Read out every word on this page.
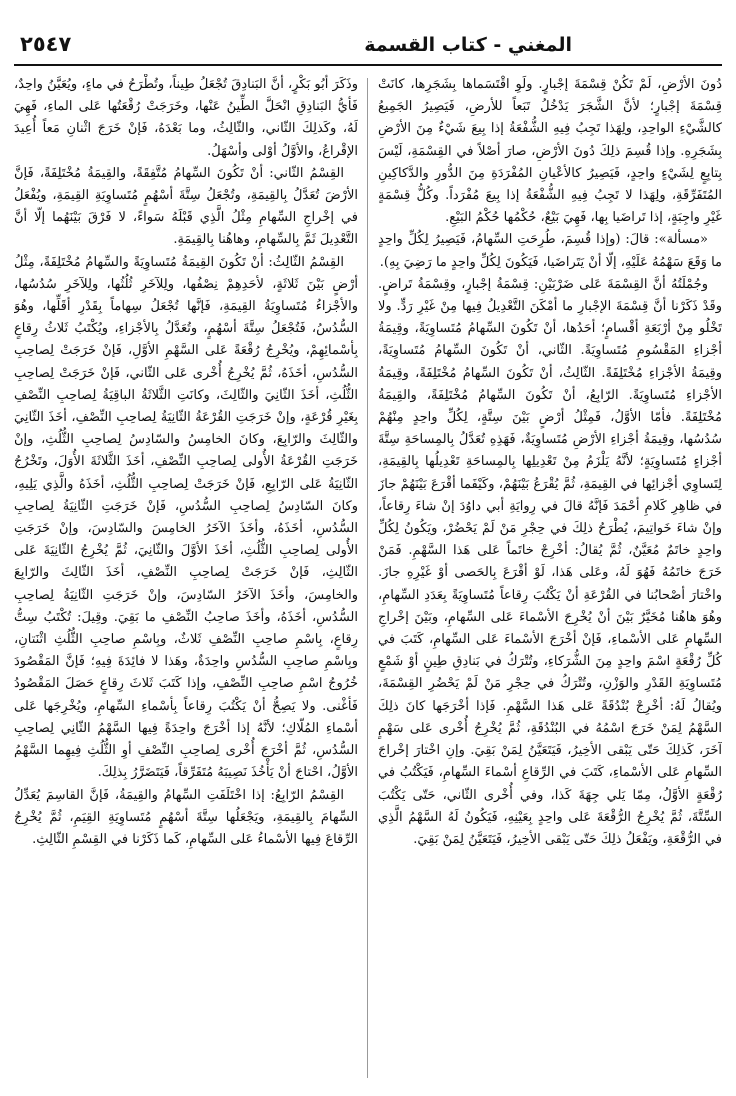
المغني - كتاب القسمة
٢٥٤٧

دُونَ الأرْضِ، لَمْ تَكُنْ قِسْمَةَ إجْبارٍ. ولَوِ اقْتَسَماها بِشَجَرِها، كانَتْ قِسْمَةَ إجْبارٍ؛ لأنَّ الشَّجَرَ يَدْخُلُ تَبَعاً للأرضِ، فَيَصِيرُ الجَمِيعُ كالشَّيْءِ الواحِدِ، ولِهَذا تَجِبُ فِيهِ الشُّفْعَةُ إذا بِيعَ شَيْءٌ مِنَ الأرْضِ بِشَجَرِهِ. وإذا قُسِمَ ذلِكَ دُونَ الأرْضِ، صارَ أصْلاً في القِسْمَةِ، لَيْسَ بِتابِعٍ لِشَيْءٍ واحِدٍ، فَيَصِيرُ كالأعْيانِ المُفْرَدَةِ مِنَ الدُّورِ والدَّكاكِينِ المُتَفَرِّقَةِ، ولِهَذا لا تَجِبُ فِيهِ الشُّفْعَةُ إذا بِيعَ مُفْرَداً. وكُلُّ قِسْمَةٍ غَيْرِ واجِبَةٍ، إذا تَراضَيا بِها، فَهِيَ بَيْعٌ، حُكْمُها حُكْمُ البَيْعِ.

«مسألة»: قالَ: (وإذا قُسِمَ، طُرِحَتِ السِّهامُ، فَيَصِيرُ لِكُلِّ واحِدٍ ما وَقَعَ سَهْمُهُ عَلَيْهِ، إلّا أنْ يَتَراضَيا، فَيَكُونَ لِكُلِّ واحِدٍ ما رَضِيَ بِهِ).

وجُمْلَتُهُ أنَّ القِسْمَةَ عَلى ضَرْبَيْنِ: قِسْمَةُ إجْبارٍ، وقِسْمَةُ تَراضٍ. وقَدْ ذَكَرْنا أنَّ قِسْمَةَ الإجْبارِ ما أمْكَنَ التَّعْدِيلُ فِيها مِنْ غَيْرِ رَدٍّ. ولا تَخْلُو مِنْ أرْبَعَةِ أقْسامٍ؛ أحَدُها، أنْ تَكُونَ السِّهامُ مُتَساوِيَةً، وقِيمَةُ أجْزاءِ المَقْسُومِ مُتَساوِيَةً. الثّاني، أنْ تَكُونَ السِّهامُ مُتَساوِيَةً، وقِيمَةُ الأجْزاءِ مُخْتَلِفَةً. الثّالِثُ، أنْ تَكُونَ السِّهامُ مُخْتَلِفَةً، وقِيمَةُ الأجْزاءِ مُتَساوِيَةً. الرّابِعُ، أنْ تَكُونَ السِّهامُ مُخْتَلِفَةً، والقِيمَةُ مُخْتَلِفَةً. فأمّا الأوَّلُ، فَمِثْلُ أرْضٍ بَيْنَ سِتَّةٍ، لِكُلِّ واحِدٍ مِنْهُمْ سُدُسُها، وقِيمَةُ أجْزاءِ الأرْضِ مُتَساوِيَةٌ، فَهَذِهِ تُعَدَّلُ بِالمِساحَةِ سِتَّةَ أجْزاءٍ مُتَساوِيَةٍ؛ لأنَّهُ يَلْزَمُ مِنْ تَعْدِيلِها بِالمِساحَةِ تَعْدِيلُها بِالقِيمَةِ، لِتَساوِي أجْزائِها في القِيمَةِ، ثُمَّ يُقْرَعُ بَيْنَهُمْ، وكَيْفَما أقْرَعَ بَيْنَهُمْ جازَ في ظاهِرِ كَلامِ أحْمَدَ فَإنَّهُ قالَ في رِوايَةِ أبي داوُدَ إنْ شاءَ رِقاعاً، وإنْ شاءَ خَواتِيمَ، يُطْرَحُ ذلِكَ في حِجْرِ مَنْ لَمْ يَحْضُرْ، ويَكُونُ لِكُلِّ واحِدٍ خاتَمٌ مُعَيَّنٌ، ثُمَّ يُقالُ: أخْرِجْ خاتَماً عَلى هَذا السَّهْمِ. فَمَنْ خَرَجَ خاتَمُهُ فَهُوَ لَهُ، وعَلى هَذا، لَوْ أقْرَعَ بِالحَصى أوْ غَيْرِهِ جازَ. واخْتارَ أصْحابُنا في القُرْعَةِ أنْ يَكْتُبَ رِقاعاً مُتَساوِيَةً بِعَدَدِ السِّهامِ، وهُوَ هاهُنا مُخَيَّرٌ بَيْنَ أنْ يُخْرِجَ الأسْماءَ عَلى السِّهامِ، وبَيْنَ إخْراجِ السِّهامِ عَلى الأسْماءِ، فَإنْ أخْرَجَ الأسْماءَ عَلى السِّهامِ، كَتَبَ في كُلِّ رُقْعَةٍ اسْمَ واحِدٍ مِنَ الشُّرَكاءِ، وتُتْرَكُ في بَنادِقِ طِينٍ أوْ شَمْعٍ مُتَساوِيَةِ القَدْرِ والوَزْنِ، وتُتْرَكُ في حِجْرِ مَنْ لَمْ يَحْضُرِ القِسْمَةَ، ويُقالُ لَهُ: أخْرِجْ بُنْدُقَةً عَلى هَذا السَّهْمِ. فَإذا أخْرَجَها كانَ ذلِكَ السَّهْمُ لِمَنْ خَرَجَ اسْمُهُ في البُنْدُقَةِ، ثُمَّ يُخْرِجُ أُخْرى عَلى سَهْمٍ آخَرَ، كَذلِكَ حَتّى يَبْقى الأخِيرُ، فَيَتَعَيَّنُ لِمَنْ بَقِيَ. وإنِ اخْتارَ إخْراجَ السِّهامِ عَلى الأسْماءِ، كَتَبَ في الرِّقاعِ أسْماءَ السِّهامِ، فَيَكْتُبُ في رُقْعَةٍ الأوَّلُ، مِمّا يَلي جِهَةَ كَذا، وفي أُخْرى الثّاني، حَتّى يَكْتُبَ السِّتَّةَ، ثُمَّ يُخْرِجُ الرُّقْعَةَ عَلى واحِدٍ بِعَيْنِهِ، فَيَكُونُ لَهُ السَّهْمُ الَّذِي في الرُّقْعَةِ، ويَفْعَلُ ذلِكَ حَتّى يَبْقى الأخِيرُ، فَيَتَعَيَّنُ لِمَنْ بَقِيَ.

وذَكَرَ أبُو بَكْرٍ، أنَّ البَنادِقَ تُجْعَلُ طِيناً، وتُطْرَحُ في ماءٍ، ويُعَيَّنُ واحِدٌ، فَأيُّ البَنادِقِ انْحَلَّ الطِّينُ عَنْها، وخَرَجَتْ رُقْعَتُها عَلى الماءِ، فَهِيَ لَهُ، وكَذلِكَ الثّاني، والثّالِثُ، وما بَعْدَهُ، فَإنْ خَرَجَ اثْنانِ مَعاً أُعِيدَ الإقْراعُ، والأوَّلُ أوْلى وأسْهَلُ.

القِسْمُ الثّاني: أنْ تَكُونَ السِّهامُ مُتَّفِقَةً، والقِيمَةُ مُخْتَلِفَةً، فَإنَّ الأرْضَ تُعَدَّلُ بِالقِيمَةِ، وتُجْعَلُ سِتَّةَ أسْهُمٍ مُتَساوِيَةِ القِيمَةِ، ويُفْعَلُ في إخْراجِ السِّهامِ مِثْلُ الَّذِي قَبْلَهُ سَواءً، لا فَرْقَ بَيْنَهُما إلّا أنَّ التَّعْدِيلَ ثَمَّ بِالسِّهامِ، وهاهُنا بِالقِيمَةِ.

القِسْمُ الثّالِثُ: أنْ تَكُونَ القِيمَةُ مُتَساوِيَةً والسِّهامُ مُخْتَلِفَةً، مِثْلُ أرْضٍ بَيْنَ ثَلاثَةٍ، لأحَدِهِمْ نِصْفُها، ولِلآخَرِ ثُلُثُها، ولِلآخَرِ سُدُسُها، والأجْزاءُ مُتَساوِيَةُ القِيمَةِ، فَإنَّها تُجْعَلُ سِهاماً بِقَدْرِ أقَلِّها، وهُوَ السُّدُسُ، فَتُجْعَلُ سِتَّةَ أسْهُمٍ، وتُعَدَّلُ بِالأجْزاءِ، ويُكْتَبُ ثَلاثُ رِقاعٍ بِأسْمائِهِمْ، ويُخْرِجُ رُقْعَةً عَلى السَّهْمِ الأوَّلِ، فَإنْ خَرَجَتْ لِصاحِبِ السُّدُسِ، أخَذَهُ، ثُمَّ يُخْرِجُ أُخْرى عَلى الثّاني، فَإنْ خَرَجَتْ لِصاحِبِ الثُّلُثِ، أخَذَ الثّانِيَ والثّالِثَ، وكانَتِ الثَّلاثَةُ الباقِيَةُ لِصاحِبِ النِّصْفِ بِغَيْرِ قُرْعَةٍ، وإنْ خَرَجَتِ القُرْعَةُ الثّانِيَةُ لِصاحِبِ النِّصْفِ، أخَذَ الثّانِيَ والثّالِثَ والرّابِعَ، وكانَ الخامِسُ والسّادِسُ لِصاحِبِ الثُّلُثِ، وإنْ خَرَجَتِ القُرْعَةُ الأُولى لِصاحِبِ النِّصْفِ، أخَذَ الثَّلاثَةَ الأُوَلَ، وتَخْرُجُ الثّانِيَةُ عَلى الرّابِعِ، فَإنْ خَرَجَتْ لِصاحِبِ الثُّلُثِ، أخَذَهُ والَّذِي يَلِيهِ، وكانَ السّادِسُ لِصاحِبِ السُّدُسِ، فَإنْ خَرَجَتِ الثّانِيَةُ لِصاحِبِ السُّدُسِ، أخَذَهُ، وأخَذَ الآخَرُ الخامِسَ والسّادِسَ، وإنْ خَرَجَتِ الأُولى لِصاحِبِ الثُّلُثِ، أخَذَ الأوَّلَ والثّانِيَ، ثُمَّ يُخْرِجُ الثّانِيَةَ عَلى الثّالِثِ، فَإنْ خَرَجَتْ لِصاحِبِ النِّصْفِ، أخَذَ الثّالِثَ والرّابِعَ والخامِسَ، وأخَذَ الآخَرُ السّادِسَ، وإنْ خَرَجَتِ الثّانِيَةُ لِصاحِبِ السُّدُسِ، أخَذَهُ، وأخَذَ صاحِبُ النِّصْفِ ما بَقِيَ. وقِيلَ: تُكْتَبُ سِتُّ رِقاعٍ، بِاسْمِ صاحِبِ النِّصْفِ ثَلاثٌ، وبِاسْمِ صاحِبِ الثُّلُثِ اثْنَتانِ، وبِاسْمِ صاحِبِ السُّدُسِ واحِدَةٌ، وهَذا لا فائِدَةَ فِيهِ؛ فَإنَّ المَقْصُودَ خُرُوجُ اسْمِ صاحِبِ النِّصْفِ، وإذا كَتَبَ ثَلاثَ رِقاعٍ حَصَلَ المَقْصُودُ فَأغْنى. ولا يَصِحُّ أنْ يَكْتُبَ رِقاعاً بِأسْماءِ السِّهامِ، ويُخْرِجَها عَلى أسْماءِ المُلّاكِ؛ لأنَّهُ إذا أخْرَجَ واحِدَةً فِيها السَّهْمُ الثّانِي لِصاحِبِ السُّدُسِ، ثُمَّ أخْرَجَ أُخْرى لِصاحِبِ النِّصْفِ أوِ الثُّلُثِ فِيهِما السَّهْمُ الأوَّلُ، احْتاجَ أنْ يَأْخُذَ نَصِيبَهُ مُتَفَرِّقاً، فَيَتَضَرَّرُ بِذلِكَ.

القِسْمُ الرّابِعُ: إذا اخْتَلَفَتِ السِّهامُ والقِيمَةُ، فَإنَّ القاسِمَ يُعَدِّلُ السِّهامَ بِالقِيمَةِ، ويَجْعَلُها سِتَّةَ أسْهُمٍ مُتَساوِيَةِ القِيَمِ، ثُمَّ يُخْرِجُ الرِّقاعَ فِيها الأسْماءُ عَلى السِّهامِ، كَما ذَكَرْنا في القِسْمِ الثّالِثِ.
